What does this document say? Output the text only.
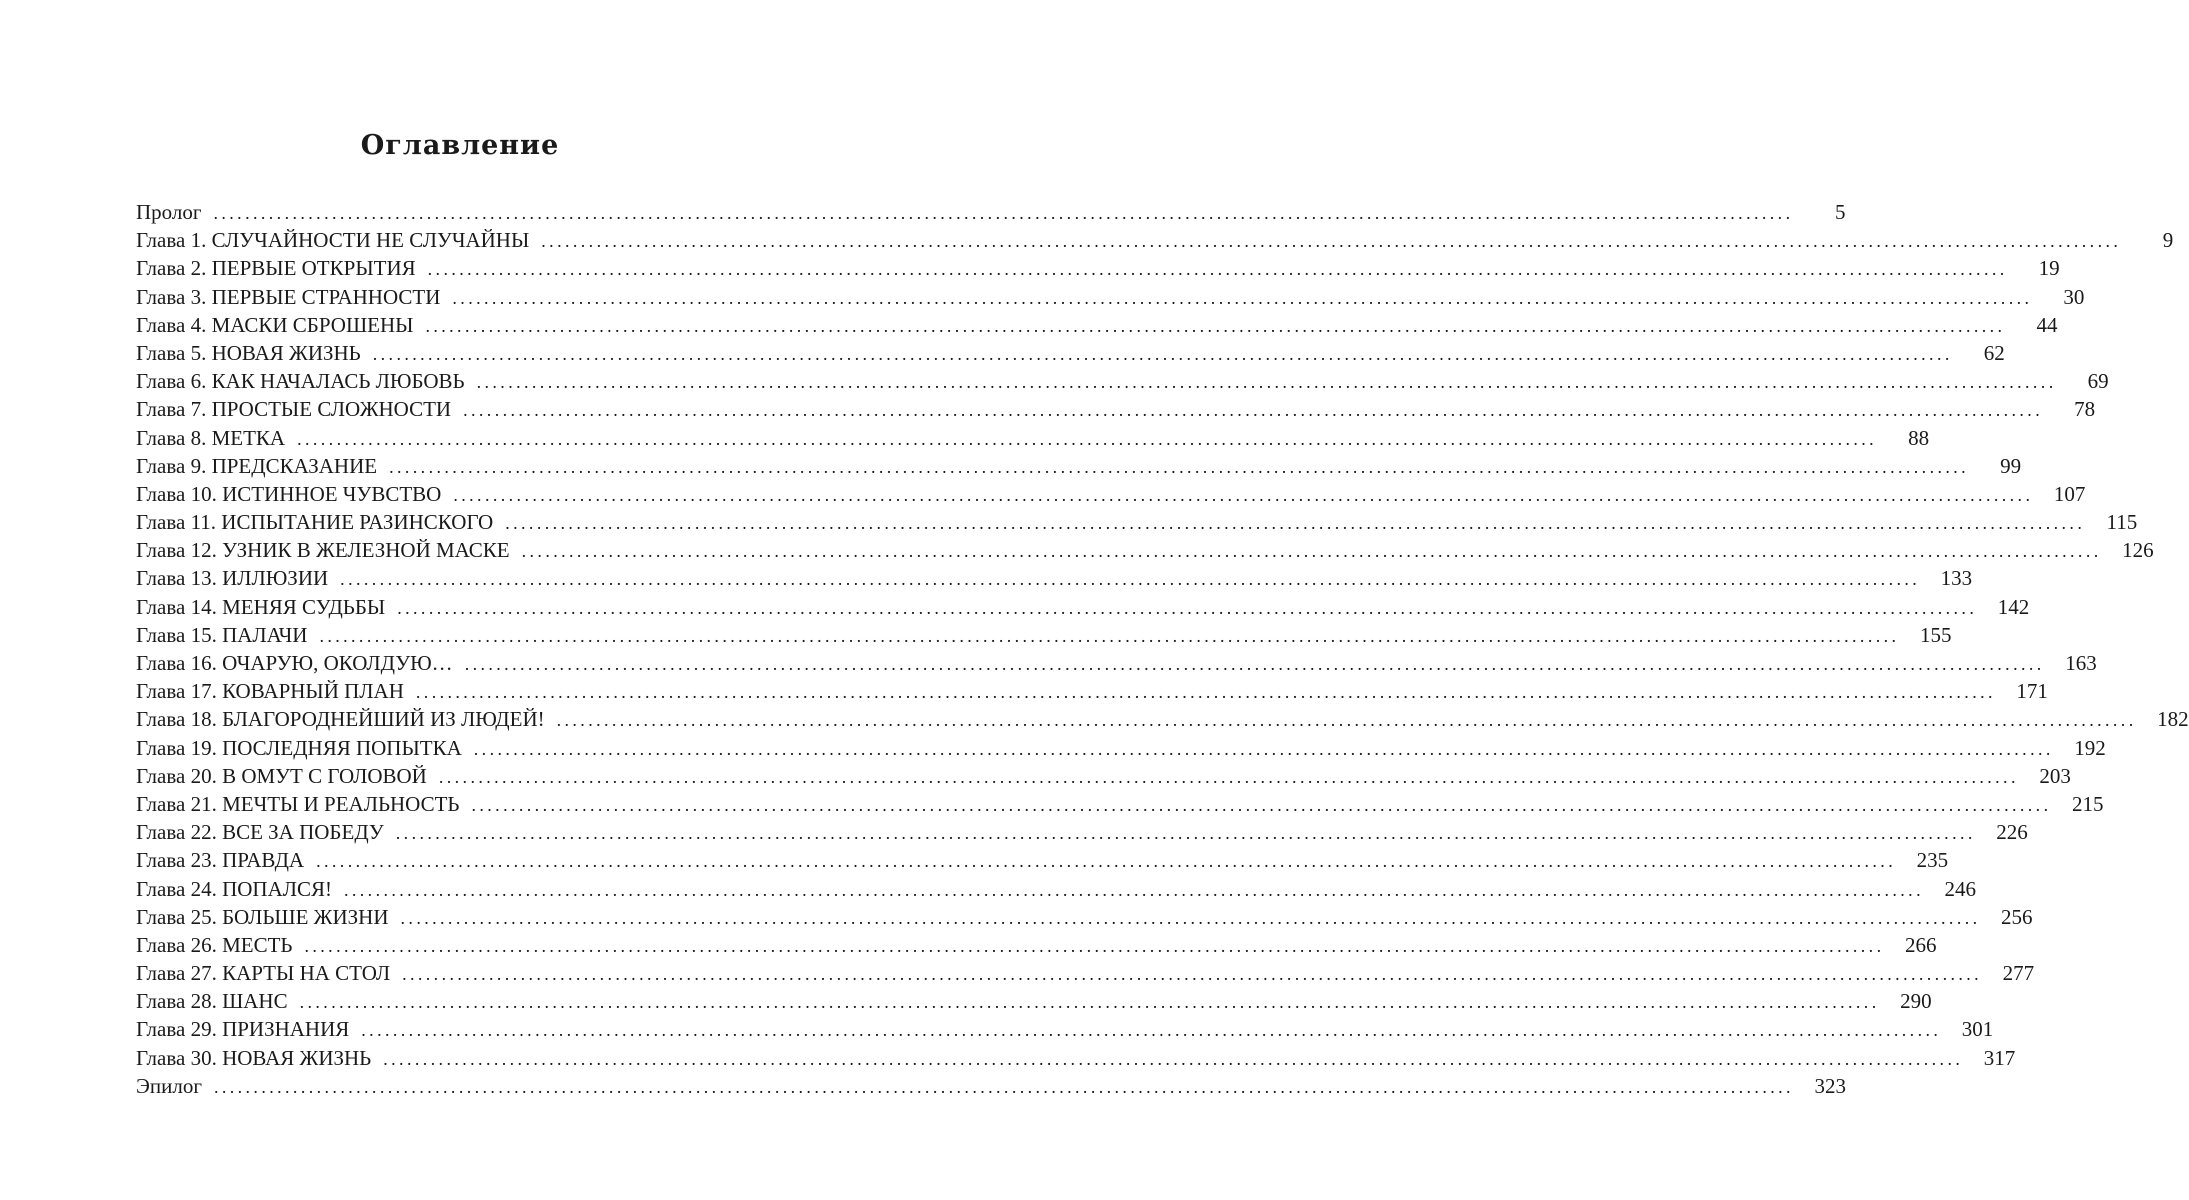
Оглавление
Пролог ........................................................................................................................................................................................................	5
Глава 1. СЛУЧАЙНОСТИ НЕ СЛУЧАЙНЫ ........................................................................................................................................................................................................	9
Глава 2. ПЕРВЫЕ ОТКРЫТИЯ ........................................................................................................................................................................................................	19
Глава 3. ПЕРВЫЕ СТРАННОСТИ ........................................................................................................................................................................................................	30
Глава 4. МАСКИ СБРОШЕНЫ ........................................................................................................................................................................................................	44
Глава 5. НОВАЯ ЖИЗНЬ ........................................................................................................................................................................................................	62
Глава 6. КАК НАЧАЛАСЬ ЛЮБОВЬ ........................................................................................................................................................................................................	69
Глава 7. ПРОСТЫЕ СЛОЖНОСТИ ........................................................................................................................................................................................................	78
Глава 8. МЕТКА ........................................................................................................................................................................................................	88
Глава 9. ПРЕДСКАЗАНИЕ ........................................................................................................................................................................................................	99
Глава 10. ИСТИННОЕ ЧУВСТВО ........................................................................................................................................................................................................ 107
Глава 11. ИСПЫТАНИЕ РАЗИНСКОГО ........................................................................................................................................................................................................	115
Глава 12. УЗНИК В ЖЕЛЕЗНОЙ МАСКЕ ........................................................................................................................................................................................................ 126
Глава 13. ИЛЛЮЗИИ ........................................................................................................................................................................................................ 133
Глава 14. МЕНЯЯ СУДЬБЫ ........................................................................................................................................................................................................ 142
Глава 15. ПАЛАЧИ ........................................................................................................................................................................................................ 155
Глава 16. ОЧАРУЮ, ОКОЛДУЮ… ........................................................................................................................................................................................................ 163
Глава 17. КОВАРНЫЙ ПЛАН ........................................................................................................................................................................................................ 171
Глава 18. БЛАГОРОДНЕЙШИЙ ИЗ ЛЮДЕЙ! ........................................................................................................................................................................................................ 182
Глава 19. ПОСЛЕДНЯЯ ПОПЫТКА ........................................................................................................................................................................................................ 192
Глава 20. В ОМУТ С ГОЛОВОЙ ........................................................................................................................................................................................................ 203
Глава 21. МЕЧТЫ И РЕАЛЬНОСТЬ ........................................................................................................................................................................................................ 215
Глава 22. ВСЕ ЗА ПОБЕДУ ........................................................................................................................................................................................................ 226
Глава 23. ПРАВДА ........................................................................................................................................................................................................ 235
Глава 24. ПОПАЛСЯ! ........................................................................................................................................................................................................ 246
Глава 25. БОЛЬШЕ ЖИЗНИ ........................................................................................................................................................................................................ 256
Глава 26. МЕСТЬ ........................................................................................................................................................................................................ 266
Глава 27. КАРТЫ НА СТОЛ ........................................................................................................................................................................................................ 277
Глава 28. ШАНС ........................................................................................................................................................................................................ 290
Глава 29. ПРИЗНАНИЯ ........................................................................................................................................................................................................ 301
Глава 30. НОВАЯ ЖИЗНЬ ........................................................................................................................................................................................................ 317
Эпилог ........................................................................................................................................................................................................ 323
